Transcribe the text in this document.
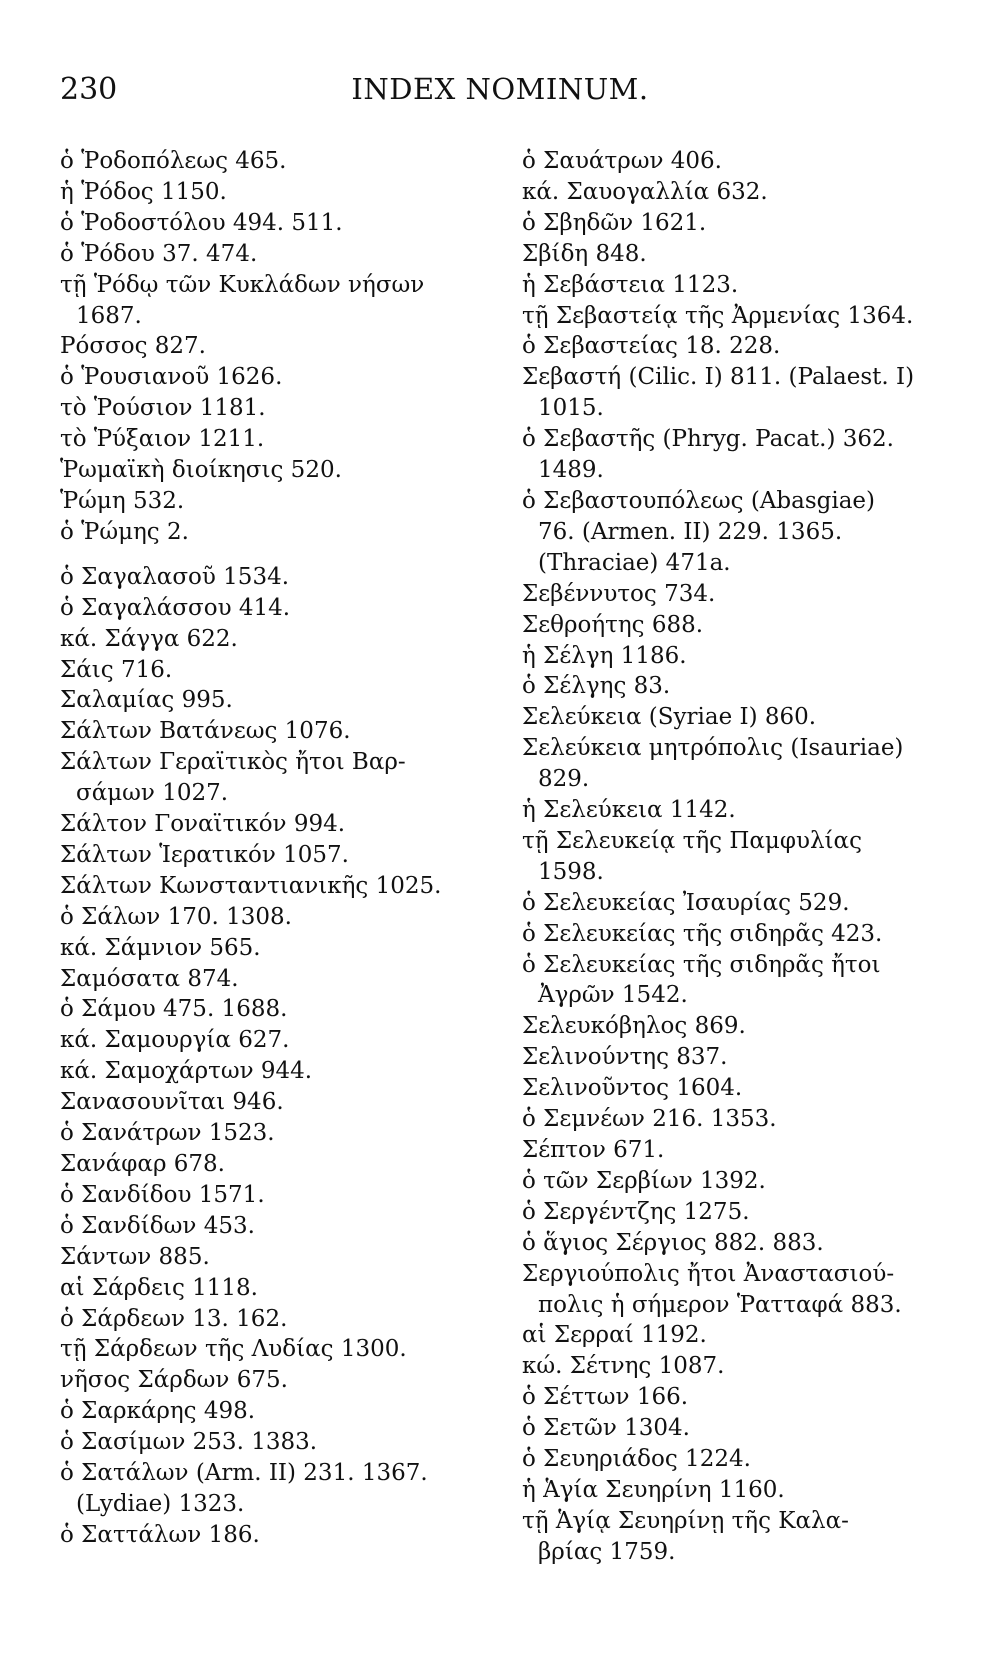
230	INDEX NOMINUM.
ὁ Ῥοδοπόλεως 465.
ἡ Ῥόδος 1150.
ὁ Ῥοδοστόλου 494. 511.
ὁ Ῥόδου 37. 474.
τῇ Ῥόδῳ τῶν Κυκλάδων νήσων
1687.
Ρόσσος 827.
ὁ Ῥουσιανοῦ 1626.
τὸ Ῥούσιον 1181.
τὸ Ῥύξαιον 1211.
Ῥωμαϊκὴ διοίκησις 520.
Ῥώμη 532.
ὁ Ῥώμης 2.
ὁ Σαγαλασοῦ 1534.
ὁ Σαγαλάσσου 414.
κά. Σάγγα 622.
Σάις 716.
Σαλαμίας 995.
Σάλτων Βατάνεως 1076.
Σάλτων Γεραϊτικὸς ἤτοι Βαρ-
σάμων 1027.
Σάλτον Γοναϊτικόν 994.
Σάλτων Ἱερατικόν 1057.
Σάλτων Κωνσταντιανικῆς 1025.
ὁ Σάλων 170. 1308.
κά. Σάμνιον 565.
Σαμόσατα 874.
ὁ Σάμου 475. 1688.
κά. Σαμουργία 627.
κά. Σαμοχάρτων 944.
Σανασουνῖται 946.
ὁ Σανάτρων 1523.
Σανάφαρ 678.
ὁ Σανδίδου 1571.
ὁ Σανδίδων 453.
Σάντων 885.
αἱ Σάρδεις 1118.
ὁ Σάρδεων 13. 162.
τῇ Σάρδεων τῆς Λυδίας 1300.
νῆσος Σάρδων 675.
ὁ Σαρκάρης 498.
ὁ Σασίμων 253. 1383.
ὁ Σατάλων (Arm. II) 231. 1367.
(Lydiae) 1323.
ὁ Σαττάλων 186.
ὁ Σαυάτρων 406.
κά. Σαυογαλλία 632.
ὁ Σβηδῶν 1621.
Σβίδη 848.
ἡ Σεβάστεια 1123.
τῇ Σεβαστείᾳ τῆς Ἀρμενίας 1364.
ὁ Σεβαστείας 18. 228.
Σεβαστή (Cilic. I) 811. (Palaest. I)
1015.
ὁ Σεβαστῆς (Phryg. Pacat.) 362.
1489.
ὁ Σεβαστουπόλεως (Abasgiae)
76. (Armen. II) 229. 1365.
(Thraciae) 471a.
Σεβέννυτος 734.
Σεθροήτης 688.
ἡ Σέλγη 1186.
ὁ Σέλγης 83.
Σελεύκεια (Syriae I) 860.
Σελεύκεια μητρόπολις (Isauriae)
829.
ἡ Σελεύκεια 1142.
τῇ Σελευκείᾳ τῆς Παμφυλίας
1598.
ὁ Σελευκείας Ἰσαυρίας 529.
ὁ Σελευκείας τῆς σιδηρᾶς 423.
ὁ Σελευκείας τῆς σιδηρᾶς ἤτοι
Ἀγρῶν 1542.
Σελευκόβηλος 869.
Σελινούντης 837.
Σελινοῦντος 1604.
ὁ Σεμνέων 216. 1353.
Σέπτον 671.
ὁ τῶν Σερβίων 1392.
ὁ Σεργέντζης 1275.
ὁ ἅγιος Σέργιος 882. 883.
Σεργιούπολις ἤτοι Ἀναστασιού-
πολις ἡ σήμερον Ῥατταφά 883.
αἱ Σερραί 1192.
κώ. Σέτνης 1087.
ὁ Σέττων 166.
ὁ Σετῶν 1304.
ὁ Σευηριάδος 1224.
ἡ Ἁγία Σευηρίνη 1160.
τῇ Ἁγίᾳ Σευηρίνῃ τῆς Καλα-
βρίας 1759.
